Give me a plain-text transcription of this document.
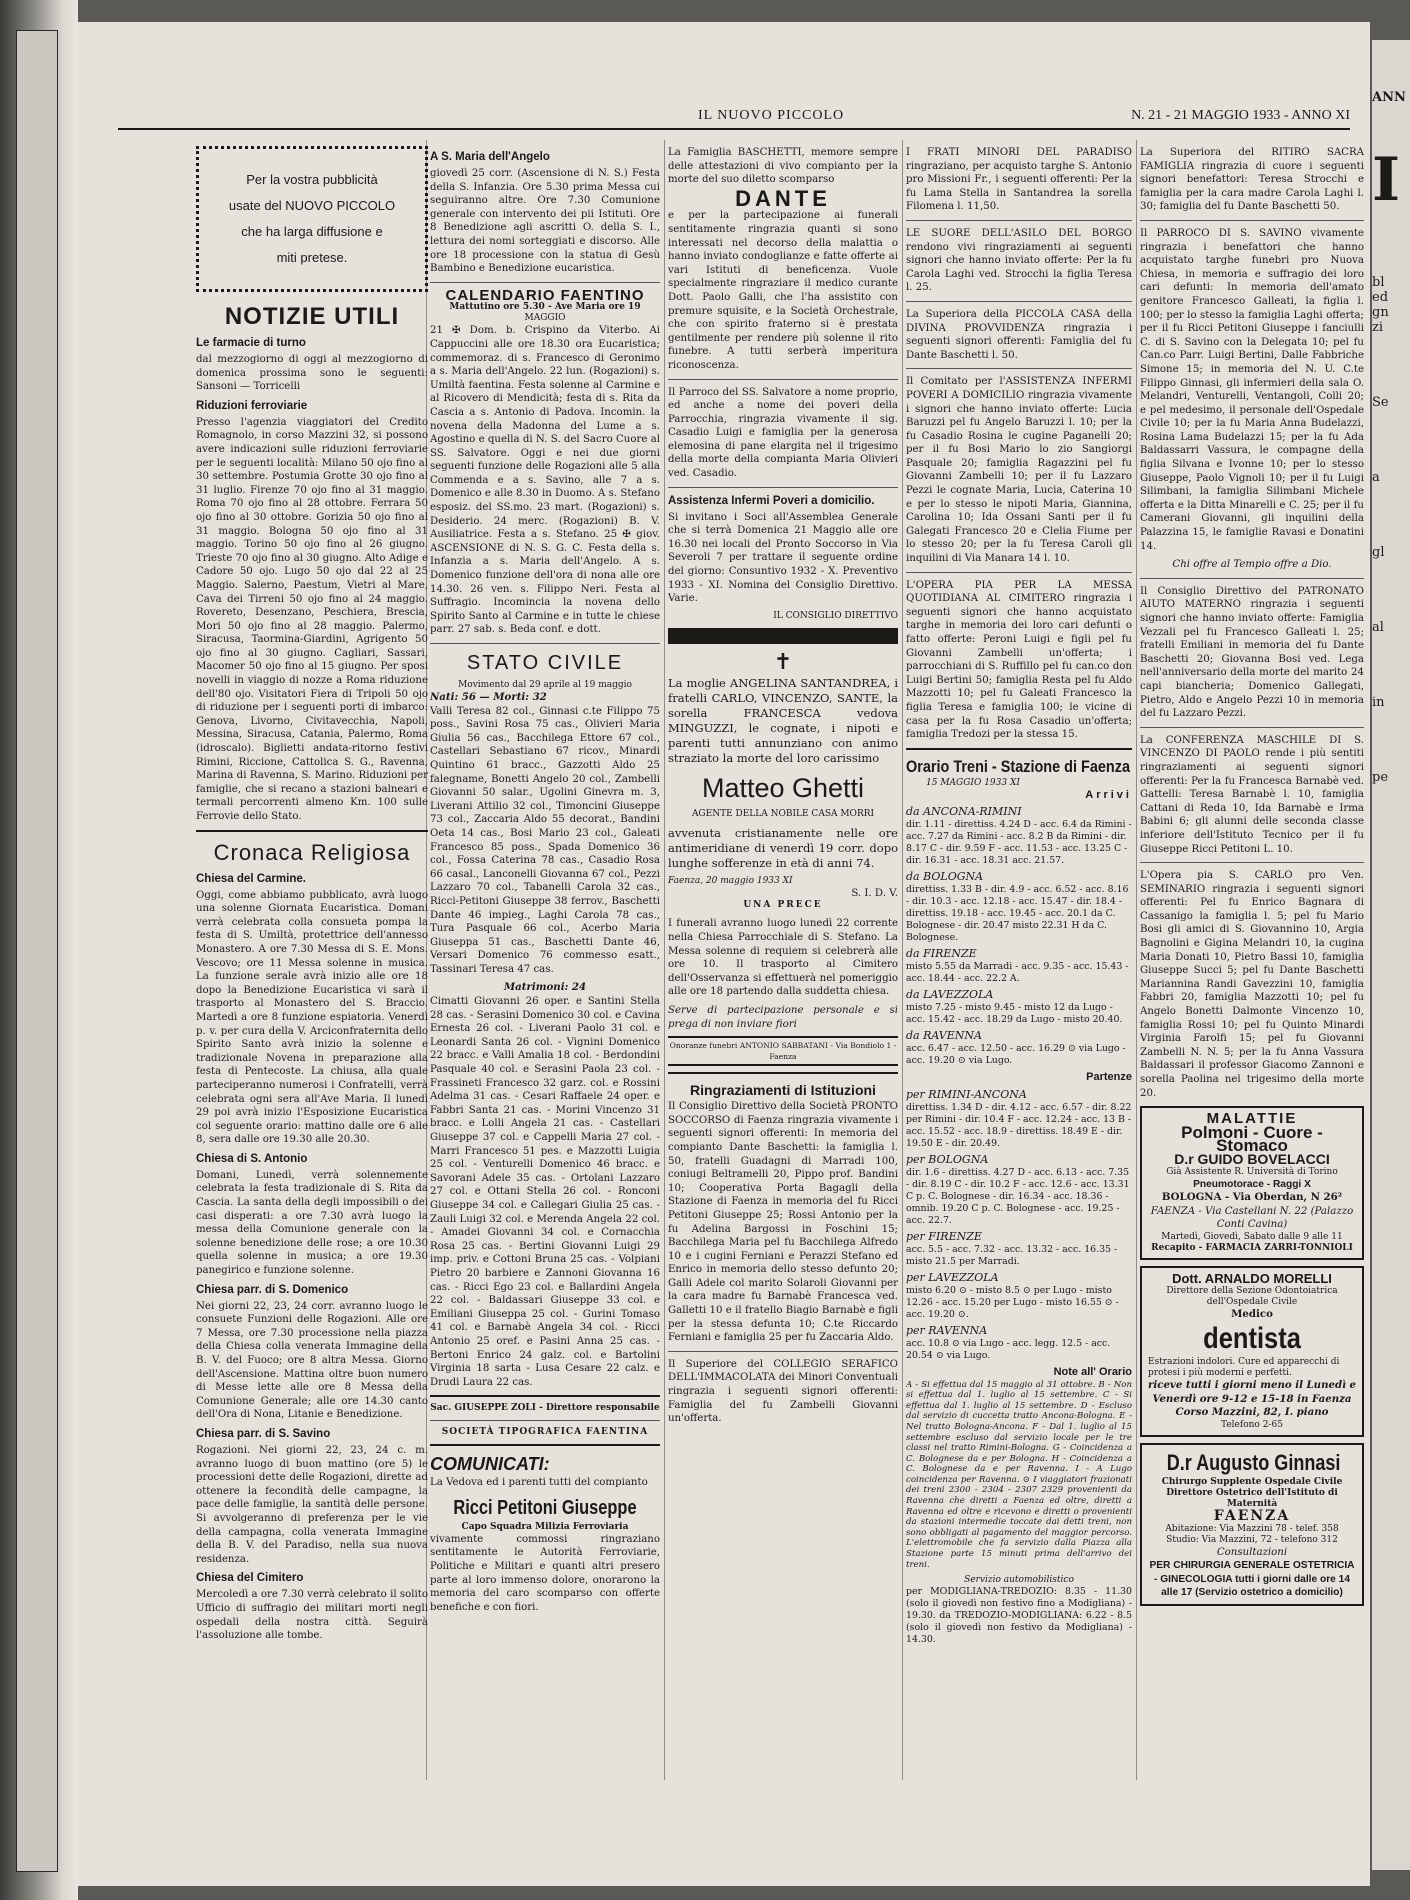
ANN
I
bl
ed
gn
zi
Se
a
gl
al
in
pe
IL NUOVO PICCOLO	N. 21 - 21 MAGGIO 1933 - ANNO XI
Per la vostra pubblicità
usate del NUOVO PICCOLO
che ha larga diffusione e
miti pretese.
NOTIZIE UTILI
Le farmacie di turno

dal mezzogiorno di oggi al mezzogiorno di domenica prossima sono le seguenti: Sansoni — Torricelli

Riduzioni ferroviarie

Presso l'agenzia viaggiatori del Credito Romagnolo, in corso Mazzini 32, si possono avere indicazioni sulle riduzioni ferroviarie per le seguenti località: Milano 50 ojo fino al 30 settembre. Postumia Grotte 30 ojo fino al 31 luglio. Firenze 70 ojo fino al 31 maggio. Roma 70 ojo fino al 28 ottobre. Ferrara 50 ojo fino al 30 ottobre. Gorizia 50 ojo fino al 31 maggio. Bologna 50 ojo fino al 31 maggio. Torino 50 ojo fino al 26 giugno. Trieste 70 ojo fino al 30 giugno. Alto Adige e Cadore 50 ojo. Lugo 50 ojo dal 22 al 25 Maggio. Salerno, Paestum, Vietri al Mare, Cava dei Tirreni 50 ojo fino al 24 maggio. Rovereto, Desenzano, Peschiera, Brescia, Mori 50 ojo fino al 28 maggio. Palermo, Siracusa, Taormina-Giardini, Agrigento 50 ojo fino al 30 giugno. Cagliari, Sassari, Macomer 50 ojo fino al 15 giugno. Per sposi novelli in viaggio di nozze a Roma riduzione dell'80 ojo. Visitatori Fiera di Tripoli 50 ojo di riduzione per i seguenti porti di imbarco: Genova, Livorno, Civitavecchia, Napoli, Messina, Siracusa, Catania, Palermo, Roma (idroscalo). Biglietti andata-ritorno festivi Rimini, Riccione, Cattolica S. G., Ravenna, Marina di Ravenna, S. Marino. Riduzioni per famiglie, che si recano a stazioni balneari e termali percorrenti almeno Km. 100 sulle Ferrovie dello Stato.

Cronaca Religiosa
Chiesa del Carmine.

Oggi, come abbiamo pubblicato, avrà luogo una solenne Giornata Eucaristica. Domani verrà celebrata colla consueta pompa la festa di S. Umiltà, protettrice dell'annesso Monastero. A ore 7.30 Messa di S. E. Mons. Vescovo; ore 11 Messa solenne in musica. La funzione serale avrà inizio alle ore 18 dopo la Benedizione Eucaristica vi sarà il trasporto al Monastero del S. Braccio. Martedì a ore 8 funzione espiatoria. Venerdì p. v. per cura della V. Arciconfraternita dello Spirito Santo avrà inizio la solenne e tradizionale Novena in preparazione alla festa di Pentecoste. La chiusa, alla quale parteciperanno numerosi i Confratelli, verrà celebrata ogni sera all'Ave Maria. Il lunedì 29 poi avrà inizio l'Esposizione Eucaristica col seguente orario: mattino dalle ore 6 alle 8, sera dalle ore 19.30 alle 20.30.

Chiesa di S. Antonio

Domani, Lunedì, verrà solennemente celebrata la festa tradizionale di S. Rita da Cascia. La santa della degli impossibili o dei casi disperati: a ore 7.30 avrà luogo la messa della Comunione generale con la solenne benedizione delle rose; a ore 10.30 quella solenne in musica; a ore 19.30 panegirico e funzione solenne.

Chiesa parr. di S. Domenico

Nei giorni 22, 23, 24 corr. avranno luogo le consuete Funzioni delle Rogazioni. Alle ore 7 Messa, ore 7.30 processione nella piazza della Chiesa colla venerata Immagine della B. V. del Fuoco; ore 8 altra Messa. Giorno dell'Ascensione. Mattina oltre buon numero di Messe lette alle ore 8 Messa della Comunione Generale; alle ore 14.30 canto dell'Ora di Nona, Litanie e Benedizione.

Chiesa parr. di S. Savino

Rogazioni. Nei giorni 22, 23, 24 c. m. avranno luogo di buon mattino (ore 5) le processioni dette delle Rogazioni, dirette ad ottenere la fecondità delle campagne, la pace delle famiglie, la santità delle persone. Si avvolgeranno di preferenza per le vie della campagna, colla venerata Immagine della B. V. del Paradiso, nella sua nuova residenza.

Chiesa del Cimitero

Mercoledì a ore 7.30 verrà celebrato il solito Ufficio di suffragio dei militari morti negli ospedali della nostra città. Seguirà l'assoluzione alle tombe.

A S. Maria dell'Angelo

giovedì 25 corr. (Ascensione di N. S.) Festa della S. Infanzia. Ore 5.30 prima Messa cui seguiranno altre. Ore 7.30 Comunione generale con intervento dei pii Istituti. Ore 8 Benedizione agli ascritti O. della S. I., lettura dei nomi sorteggiati e discorso. Alle ore 18 processione con la statua di Gesù Bambino e Benedizione eucaristica.

CALENDARIO FAENTINO
Mattutino ore 5.30 - Ave Maria ore 19
MAGGIO

21 ✠ Dom. b. Crispino da Viterbo. Ai Cappuccini alle ore 18.30 ora Eucaristica; commemoraz. di s. Francesco di Geronimo a s. Maria dell'Angelo. 22 lun. (Rogazioni) s. Umiltà faentina. Festa solenne al Carmine e al Ricovero di Mendicità; festa di s. Rita da Cascia a s. Antonio di Padova. Incomin. la novena della Madonna del Lume a s. Agostino e quella di N. S. del Sacro Cuore al SS. Salvatore. Oggi e nei due giorni seguenti funzione delle Rogazioni alle 5 alla Commenda e a s. Savino, alle 7 a s. Domenico e alle 8.30 in Duomo. A s. Stefano esposiz. del SS.mo. 23 mart. (Rogazioni) s. Desiderio. 24 merc. (Rogazioni) B. V. Ausiliatrice. Festa a s. Stefano. 25 ✠ giov. ASCENSIONE di N. S. G. C. Festa della s. Infanzia a s. Maria dell'Angelo. A s. Domenico funzione dell'ora di nona alle ore 14.30. 26 ven. s. Filippo Neri. Festa al Suffragio. Incomincia la novena dello Spirito Santo al Carmine e in tutte le chiese parr. 27 sab. s. Beda conf. e dott.

STATO CIVILE
Movimento dal 29 aprile al 19 maggio
Nati: 56 — Morti: 32

Valli Teresa 82 col., Ginnasi c.te Filippo 75 poss., Savini Rosa 75 cas., Olivieri Maria Giulia 56 cas., Bacchilega Ettore 67 col., Castellari Sebastiano 67 ricov., Minardi Quintino 61 bracc., Gazzotti Aldo 25 falegname, Bonetti Angelo 20 col., Zambelli Giovanni 50 salar., Ugolini Ginevra m. 3, Liverani Attilio 32 col., Timoncini Giuseppe 73 col., Zaccaria Aldo 55 decorat., Bandini Oeta 14 cas., Bosi Mario 23 col., Galeati Francesco 85 poss., Spada Domenico 36 col., Fossa Caterina 78 cas., Casadio Rosa 66 casal., Lanconelli Giovanna 67 col., Pezzi Lazzaro 70 col., Tabanelli Carola 32 cas., Ricci-Petitoni Giuseppe 38 ferrov., Baschetti Dante 46 impieg., Laghi Carola 78 cas., Tura Pasquale 66 col., Acerbo Maria Giuseppa 51 cas., Baschetti Dante 46, Versari Domenico 76 commesso esatt., Tassinari Teresa 47 cas.

Matrimoni: 24

Cimatti Giovanni 26 oper. e Santini Stella 28 cas. - Serasini Domenico 30 col. e Cavina Ernesta 26 col. - Liverani Paolo 31 col. e Leonardi Santa 26 col. - Vignini Domenico 22 bracc. e Valli Amalia 18 col. - Berdondini Pasquale 40 col. e Serasini Paola 23 col. - Frassineti Francesco 32 garz. col. e Rossini Adelma 31 cas. - Cesari Raffaele 24 oper. e Fabbri Santa 21 cas. - Morini Vincenzo 31 bracc. e Lolli Angela 21 cas. - Castellari Giuseppe 37 col. e Cappelli Maria 27 col. - Marri Francesco 51 pes. e Mazzotti Luigia 25 col. - Venturelli Domenico 46 bracc. e Savorani Adele 35 cas. - Ortolani Lazzaro 27 col. e Ottani Stella 26 col. - Ronconi Giuseppe 34 col. e Callegari Giulia 25 cas. - Zauli Luigi 32 col. e Merenda Angela 22 col. - Amadei Giovanni 34 col. e Cornacchia Rosa 25 cas. - Bertini Giovanni Luigi 29 imp. priv. e Cottoni Bruna 25 cas. - Volpiani Pietro 20 barbiere e Zannoni Giovanna 16 cas. - Ricci Ego 23 col. e Ballardini Angela 22 col. - Baldassari Giuseppe 33 col. e Emiliani Giuseppa 25 col. - Gurini Tomaso 41 col. e Barnabè Angela 34 col. - Ricci Antonio 25 oref. e Pasini Anna 25 cas. - Bertoni Enrico 24 galz. col. e Bartolini Virginia 18 sarta - Lusa Cesare 22 calz. e Drudi Laura 22 cas.

Sac. GIUSEPPE ZOLI - Direttore responsabile
SOCIETÀ TIPOGRAFICA FAENTINA
COMUNICATI:

La Vedova ed i parenti tutti del compianto

Ricci Petitoni Giuseppe
Capo Squadra Milizia Ferroviaria

vivamente commossi ringraziano sentitamente le Autorità Ferroviarie, Politiche e Militari e quanti altri presero parte al loro immenso dolore, onorarono la memoria del caro scomparso con offerte benefiche e con fiori.

La Famiglia BASCHETTI, memore sempre delle attestazioni di vivo compianto per la morte del suo diletto scomparso

DANTE

e per la partecipazione ai funerali sentitamente ringrazia quanti si sono interessati nel decorso della malattia o hanno inviato condoglianze e fatte offerte ai vari Istituti di beneficenza. Vuole specialmente ringraziare il medico curante Dott. Paolo Galli, che l'ha assistito con premure squisite, e la Società Orchestrale, che con spirito fraterno si è prestata gentilmente per rendere più solenne il rito funebre. A tutti serberà imperitura riconoscenza.

Il Parroco del SS. Salvatore a nome proprio, ed anche a nome dei poveri della Parrocchia, ringrazia vivamente il sig. Casadio Luigi e famiglia per la generosa elemosina di pane elargita nel il trigesimo della morte della compianta Maria Olivieri ved. Casadio.

Assistenza Infermi Poveri a domicilio.

Si invitano i Soci all'Assemblea Generale che si terrà Domenica 21 Maggio alle ore 16.30 nei locali del Pronto Soccorso in Via Severoli 7 per trattare il seguente ordine del giorno: Consuntivo 1932 - X. Preventivo 1933 - XI. Nomina del Consiglio Direttivo. Varie.

IL CONSIGLIO DIRETTIVO
✝

La moglie ANGELINA SANTANDREA, i fratelli CARLO, VINCENZO, SANTE, la sorella FRANCESCA vedova MINGUZZI, le cognate, i nipoti e parenti tutti annunziano con animo straziato la morte del loro carissimo

Matteo Ghetti
AGENTE DELLA NOBILE CASA MORRI

avvenuta cristianamente nelle ore antimeridiane di venerdì 19 corr. dopo lunghe sofferenze in età di anni 74.

Faenza, 20 maggio 1933 XI
S. I. D. V.
UNA PRECE

I funerali avranno luogo lunedì 22 corrente nella Chiesa Parrocchiale di S. Stefano. La Messa solenne di requiem si celebrerà alle ore 10. Il trasporto al Cimitero dell'Osservanza si effettuerà nel pomeriggio alle ore 18 partendo dalla suddetta chiesa.

Serve di partecipazione personale e si prega di non inviare fiori

Onoranze funebri ANTONIO SABBATANI - Via Bondiolo 1 - Faenza
Ringraziamenti di Istituzioni

Il Consiglio Direttivo della Società PRONTO SOCCORSO di Faenza ringrazia vivamente i seguenti signori offerenti: In memoria del compianto Dante Baschetti: la famiglia l. 50, fratelli Guadagni di Marradi 100, coniugi Beltramelli 20, Pippo prof. Bandini 10; Cooperativa Porta Bagagli della Stazione di Faenza in memoria del fu Ricci Petitoni Giuseppe 25; Rossi Antonio per la fu Adelina Bargossi in Foschini 15; Bacchilega Maria pel fu Bacchilega Alfredo 10 e i cugini Ferniani e Perazzi Stefano ed Enrico in memoria dello stesso defunto 20; Galli Adele col marito Solaroli Giovanni per la cara madre fu Barnabè Francesca ved. Galletti 10 e il fratello Biagio Barnabè e figli per la stessa defunta 10; C.te Riccardo Ferniani e famiglia 25 per fu Zaccaria Aldo.

Il Superiore del COLLEGIO SERAFICO DELL'IMMACOLATA dei Minori Conventuali ringrazia i seguenti signori offerenti: Famiglia del fu Zambelli Giovanni un'offerta.

I FRATI MINORI DEL PARADISO ringraziano, per acquisto targhe S. Antonio pro Missioni Fr., i seguenti offerenti: Per la fu Lama Stella in Santandrea la sorella Filomena l. 11,50.

LE SUORE DELL'ASILO DEL BORGO rendono vivi ringraziamenti ai seguenti signori che hanno inviato offerte: Per la fu Carola Laghi ved. Strocchi la figlia Teresa l. 25.

La Superiora della PICCOLA CASA della DIVINA PROVVIDENZA ringrazia i seguenti signori offerenti: Famiglia del fu Dante Baschetti l. 50.

Il Comitato per l'ASSISTENZA INFERMI POVERI A DOMICILIO ringrazia vivamente i signori che hanno inviato offerte: Lucia Baruzzi pel fu Angelo Baruzzi l. 10; per la fu Casadio Rosina le cugine Paganelli 20; per il fu Bosi Mario lo zio Sangiorgi Pasquale 20; famiglia Ragazzini pel fu Giovanni Zambelli 10; per il fu Lazzaro Pezzi le cognate Maria, Lucia, Caterina 10 e per lo stesso le nipoti Maria, Giannina, Carolina 10; Ida Ossani Santi per il fu Galegati Francesco 20 e Clelia Fiume per lo stesso 20; per la fu Teresa Caroli gli inquilini di Via Manara 14 l. 10.

L'OPERA PIA PER LA MESSA QUOTIDIANA AL CIMITERO ringrazia i seguenti signori che hanno acquistato targhe in memoria dei loro cari defunti o fatto offerte: Peroni Luigi e figli pel fu Giovanni Zambelli un'offerta; i parrocchiani di S. Ruffillo pel fu can.co don Luigi Bertini 50; famiglia Resta pel fu Aldo Mazzotti 10; pel fu Galeati Francesco la figlia Teresa e famiglia 100; le vicine di casa per la fu Rosa Casadio un'offerta; famiglia Tredozi per la stessa 15.

Orario Treni - Stazione di Faenza
15 MAGGIO 1933 XI
Arrivi
da ANCONA-RIMINI
dir. 1.11 - direttiss. 4.24 D - acc. 6.4 da Rimini - acc. 7.27 da Rimini - acc. 8.2 B da Rimini - dir. 8.17 C - dir. 9.59 F - acc. 11.53 - acc. 13.25 C - dir. 16.31 - acc. 18.31 acc. 21.57.
da BOLOGNA
direttiss. 1.33 B - dir. 4.9 - acc. 6.52 - acc. 8.16 - dir. 10.3 - acc. 12.18 - acc. 15.47 - dir. 18.4 - direttiss. 19.18 - acc. 19.45 - acc. 20.1 da C. Bolognese - dir. 20.47 misto 22.31 H da C. Bolognese.
da FIRENZE
misto 5.55 da Marradi - acc. 9.35 - acc. 15.43 - acc. 18.44 - acc. 22.2 A.
da LAVEZZOLA
misto 7.25 - misto 9.45 - misto 12 da Lugo - acc. 15.42 - acc. 18.29 da Lugo - misto 20.40.
da RAVENNA
acc. 6.47 - acc. 12.50 - acc. 16.29 ⊙ via Lugo - acc. 19.20 ⊙ via Lugo.
Partenze
per RIMINI-ANCONA
direttiss. 1.34 D - dir. 4.12 - acc. 6.57 - dir. 8.22 per Rimini - dir. 10.4 F - acc. 12.24 - acc. 13 B - acc. 15.52 - acc. 18.9 - direttiss. 18.49 E - dir. 19.50 E - dir. 20.49.
per BOLOGNA
dir. 1.6 - direttiss. 4.27 D - acc. 6.13 - acc. 7.35 - dir. 8.19 C - dir. 10.2 F - acc. 12.6 - acc. 13.31 C p. C. Bolognese - dir. 16.34 - acc. 18.36 - omnib. 19.20 C p. C. Bolognese - acc. 19.25 - acc. 22.7.
per FIRENZE
acc. 5.5 - acc. 7.32 - acc. 13.32 - acc. 16.35 - misto 21.5 per Marradi.
per LAVEZZOLA
misto 6.20 ⊙ - misto 8.5 ⊙ per Lugo - misto 12.26 - acc. 15.20 per Lugo - misto 16.55 ⊙ - acc. 19.20 ⊙.
per RAVENNA
acc. 10.8 ⊙ via Lugo - acc. legg. 12.5 - acc. 20.54 ⊙ via Lugo.
Note all' Orario

A - Si effettua dal 15 maggio al 31 ottobre. B - Non si effettua dal 1. luglio al 15 settembre. C - Si effettua dal 1. luglio al 15 settembre. D - Escluso dal servizio di cuccetta tratto Ancona-Bologna. E - Nel tratto Bologna-Ancona. F - Dal 1. luglio al 15 settembre escluso dal servizio locale per le tre classi nel tratto Rimini-Bologna. G - Coincidenza a C. Bolognese da e per Bologna. H - Coincidenza a C. Bolognese da e per Ravenna. I - A Lugo coincidenza per Ravenna. ⊙ I viaggiatori frazionati dei treni 2300 - 2304 - 2307 2329 provenienti da Ravenna che diretti a Faenza ed oltre, diretti a Ravenna ed oltre e ricevono e diretti o provenienti da stazioni intermedie toccate dai detti treni, non sono obbligati al pagamento del maggior percorso. L'elettromobile che fa servizio dalla Piazza alla Stazione parte 15 minuti prima dell'arrivo dei treni.

Servizio automobilistico

per MODIGLIANA-TREDOZIO: 8.35 - 11.30 (solo il giovedì non festivo fino a Modigliana) - 19.30. da TREDOZIO-MODIGLIANA: 6.22 - 8.5 (solo il giovedì non festivo da Modigliana) - 14.30.

La Superiora del RITIRO SACRA FAMIGLIA ringrazia di cuore i seguenti signori benefattori: Teresa Strocchi e famiglia per la cara madre Carola Laghi l. 30; famiglia del fu Dante Baschetti 50.

Il PARROCO DI S. SAVINO vivamente ringrazia i benefattori che hanno acquistato targhe funebri pro Nuova Chiesa, in memoria e suffragio dei loro cari defunti: In memoria dell'amato genitore Francesco Galleati, la figlia l. 100; per lo stesso la famiglia Laghi offerta; per il fu Ricci Petitoni Giuseppe i fanciulli C. di S. Savino con la Delegata 10; pel fu Can.co Parr. Luigi Bertini, Dalle Fabbriche Simone 15; in memoria del N. U. C.te Filippo Ginnasi, gli infermieri della sala O. Melandri, Venturelli, Ventangoli, Colli 20; e pel medesimo, il personale dell'Ospedale Civile 10; per la fu Maria Anna Budelazzi, Rosina Lama Budelazzi 15; per la fu Ada Baldassarri Vassura, le compagne della figlia Silvana e Ivonne 10; per lo stesso Giuseppe, Paolo Vignoli 10; per il fu Luigi Silimbani, la famiglia Silimbani Michele offerta e la Ditta Minarelli e C. 25; per il fu Camerani Giovanni, gli inquilini della Palazzina 15, le famiglie Ravasi e Donatini 14.

Chi offre al Tempio offre a Dio.

Il Consiglio Direttivo del PATRONATO AIUTO MATERNO ringrazia i seguenti signori che hanno inviato offerte: Famiglia Vezzali pel fu Francesco Galleati l. 25; fratelli Emiliani in memoria del fu Dante Baschetti 20; Giovanna Bosi ved. Lega nell'anniversario della morte del marito 24 capi biancheria; Domenico Gallegati, Pietro, Aldo e Angelo Pezzi 10 in memoria del fu Lazzaro Pezzi.

La CONFERENZA MASCHILE DI S. VINCENZO DI PAOLO rende i più sentiti ringraziamenti ai seguenti signori offerenti: Per la fu Francesca Barnabè ved. Gattelli: Teresa Barnabè l. 10, famiglia Cattani di Reda 10, Ida Barnabè e Irma Babini 6; gli alunni delle seconda classe inferiore dell'Istituto Tecnico per il fu Giuseppe Ricci Petitoni L. 10.

L'Opera pia S. CARLO pro Ven. SEMINARIO ringrazia i seguenti signori offerenti: Pel fu Enrico Bagnara di Cassanigo la famiglia l. 5; pel fu Mario Bosi gli amici di S. Giovannino 10, Argia Bagnolini e Gigina Melandri 10, la cugina Maria Donati 10, Pietro Bassi 10, famiglia Giuseppe Succi 5; pel fu Dante Baschetti Mariannina Randi Gavezzini 10, famiglia Fabbri 20, famiglia Mazzotti 10; pel fu Angelo Bonetti Dalmonte Vincenzo 10, famiglia Rossi 10; pel fu Quinto Minardi Virginia Farolfi 15; pel fu Giovanni Zambelli N. N. 5; per la fu Anna Vassura Baldassari il professor Giacomo Zannoni e sorella Paolina nel trigesimo della morte 20.

MALATTIE
Polmoni - Cuore - Stomaco
D.r GUIDO BOVELACCI
Già Assistente R. Università di Torino
Pneumotorace - Raggi X
BOLOGNA - Via Oberdan, N 26²
FAENZA - Via Castellani N. 22 (Palazzo Conti Cavina)
Martedì, Giovedì, Sabato dalle 9 alle 11
Recapito - FARMACIA ZARRI-TONNIOLI
Dott. ARNALDO MORELLI
Direttore della Sezione Odontoiatrica dell'Ospedale Civile
Medico
dentista
Estrazioni indolori. Cure ed apparecchi di protesi i più moderni e perfetti.
riceve tutti i giorni meno il Lunedì e Venerdì ore 9-12 e 15-18 in Faenza Corso Mazzini, 82, I. piano
Telefono 2-65
D.r Augusto Ginnasi
Chirurgo Supplente Ospedale Civile Direttore Ostetrico dell'Istituto di Maternità
FAENZA
Abitazione: Via Mazzini 78 - telef. 358
Studio: Via Mazzini, 72 - telefono 312
Consultazioni
PER CHIRURGIA GENERALE OSTETRICIA - GINECOLOGIA tutti i giorni dalle ore 14 alle 17 (Servizio ostetrico a domicilio)
